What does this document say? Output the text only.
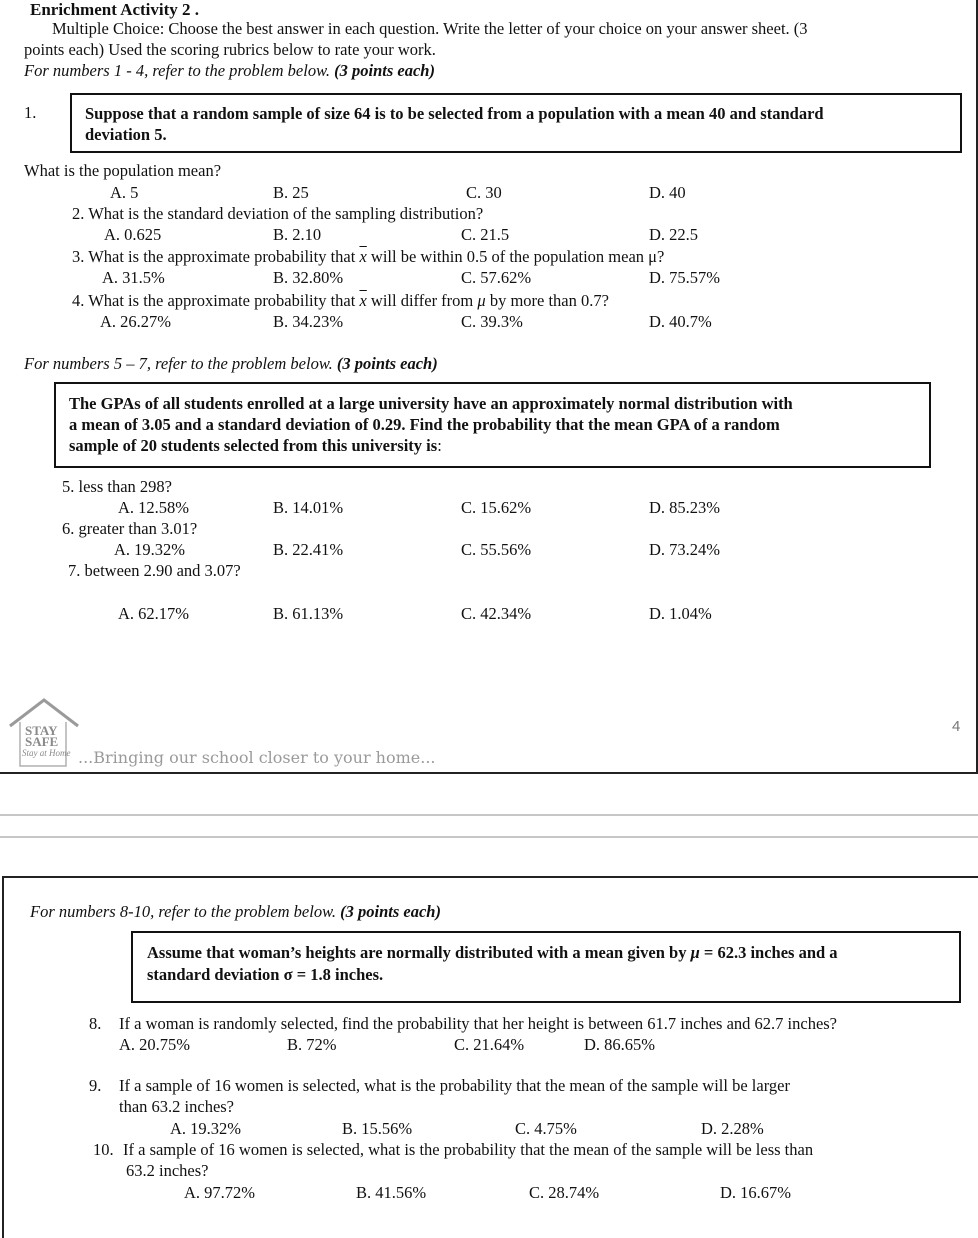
Enrichment Activity 2 .
Multiple Choice: Choose the best answer in each question. Write the letter of your choice on your answer sheet. (3
points each) Used the scoring rubrics below to rate your work.
For numbers 1 - 4, refer to the problem below. (3 points each)
1.	Suppose that a random sample of size 64 is to be selected from a population with a mean 40 and standard
deviation 5.
What is the population mean?
A. 5	B. 25	C. 30	D. 40
2. What is the standard deviation of the sampling distribution?
A. 0.625	B. 2.10	C. 21.5	D. 22.5
3. What is the approximate probability that $\overline{x}$ will be within 0.5 of the population mean μ?
A. 31.5%	B. 32.80%	C. 57.62%	D. 75.57%
4. What is the approximate probability that $\overline{x}$ will differ from μ by more than 0.7?
A. 26.27%	B. 34.23%	C. 39.3%	D. 40.7%
For numbers 5 – 7, refer to the problem below. (3 points each)
The GPAs of all students enrolled at a large university have an approximately normal distribution with
a mean of 3.05 and a standard deviation of 0.29. Find the probability that the mean GPA of a random
sample of 20 students selected from this university is:
5. less than 298?
A. 12.58%	B. 14.01%	C. 15.62%	D. 85.23%
6. greater than 3.01?
A. 19.32%	B. 22.41%	C. 55.56%	D. 73.24%
7. between 2.90 and 3.07?
A. 62.17%	B. 61.13%	C. 42.34%	D. 1.04%
STAY
SAFE
Stay at Home ...Bringing our school closer to your home...
4
For numbers 8-10, refer to the problem below. (3 points each)
Assume that woman’s heights are normally distributed with a mean given by μ = 62.3 inches and a
standard deviation σ = 1.8 inches.
8. If a woman is randomly selected, find the probability that her height is between 61.7 inches and 62.7 inches?
A. 20.75%	B. 72%	C. 21.64%	D. 86.65%
9. If a sample of 16 women is selected, what is the probability that the mean of the sample will be larger
than 63.2 inches?
A. 19.32%	B. 15.56%	C. 4.75%	D. 2.28%
10. If a sample of 16 women is selected, what is the probability that the mean of the sample will be less than
63.2 inches?
A. 97.72%	B. 41.56%	C. 28.74%	D. 16.67%
